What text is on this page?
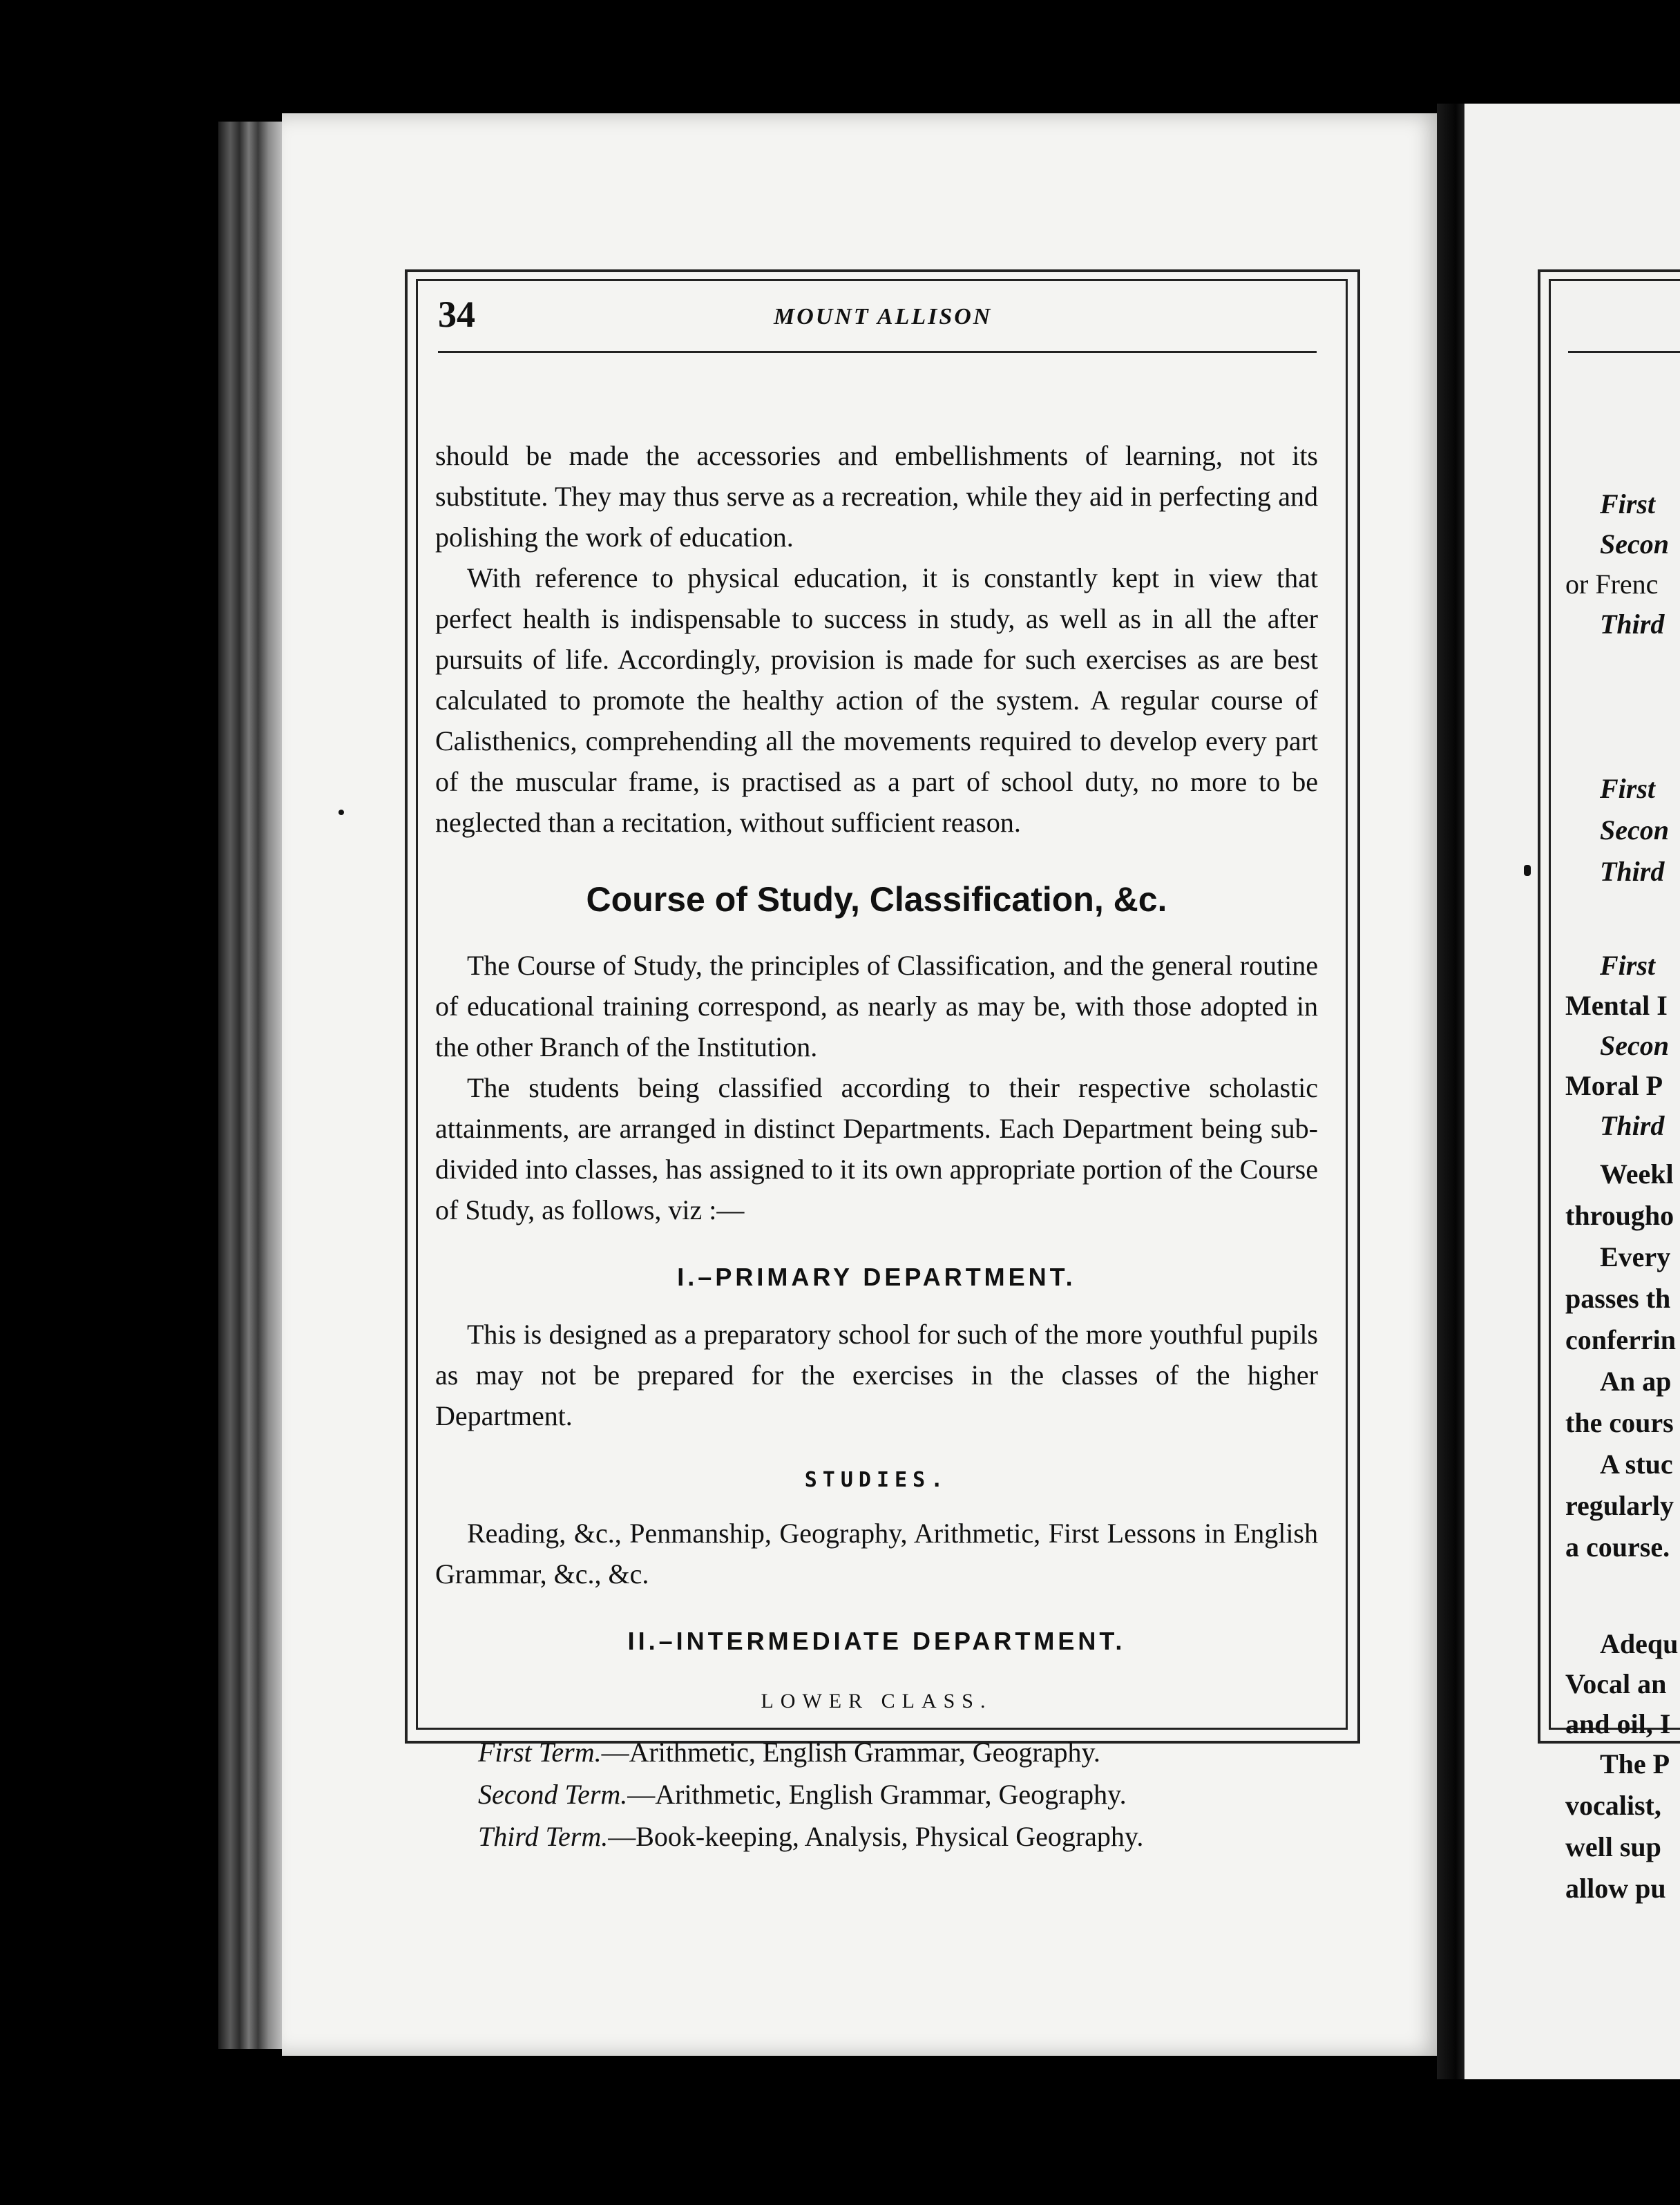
34	MOUNT ALLISON

should be made the accessories and embellishments of learning, not its substitute. They may thus serve as a recreation, while they aid in perfecting and polishing the work of education.

With reference to physical education, it is constantly kept in view that perfect health is indispensable to success in study, as well as in all the after pursuits of life. Accordingly, provision is made for such exercises as are best calculated to promote the healthy action of the system. A regular course of Calisthenics, comprehending all the movements required to develop every part of the muscular frame, is practised as a part of school duty, no more to be neglected than a recitation, without sufficient reason.

Course of Study, Classification, &c.

The Course of Study, the principles of Classification, and the general routine of educational training correspond, as nearly as may be, with those adopted in the other Branch of the Institution.

The students being classified according to their respective scholastic attainments, are arranged in distinct Departments. Each Department being sub-divided into classes, has assigned to it its own appropriate portion of the Course of Study, as follows, viz :—

I.–PRIMARY DEPARTMENT.

This is designed as a preparatory school for such of the more youthful pupils as may not be prepared for the exercises in the classes of the higher Department.

STUDIES.

Reading, &c., Penmanship, Geography, Arithmetic, First Lessons in English Grammar, &c., &c.

II.–INTERMEDIATE DEPARTMENT.
LOWER CLASS.
First Term.—Arithmetic, English Grammar, Geography.
Second Term.—Arithmetic, English Grammar, Geography.
Third Term.—Book-keeping, Analysis, Physical Geography.
First
Secon
or Frenc
Third
First
Secon
Third
First
Mental I
Secon
Moral P
Third
Weekl
througho
Every
passes th
conferrin
An ap
the cours
A stuc
regularly
a course.
Adequ
Vocal an
and oil, I
The P
vocalist,
well sup
allow pu
